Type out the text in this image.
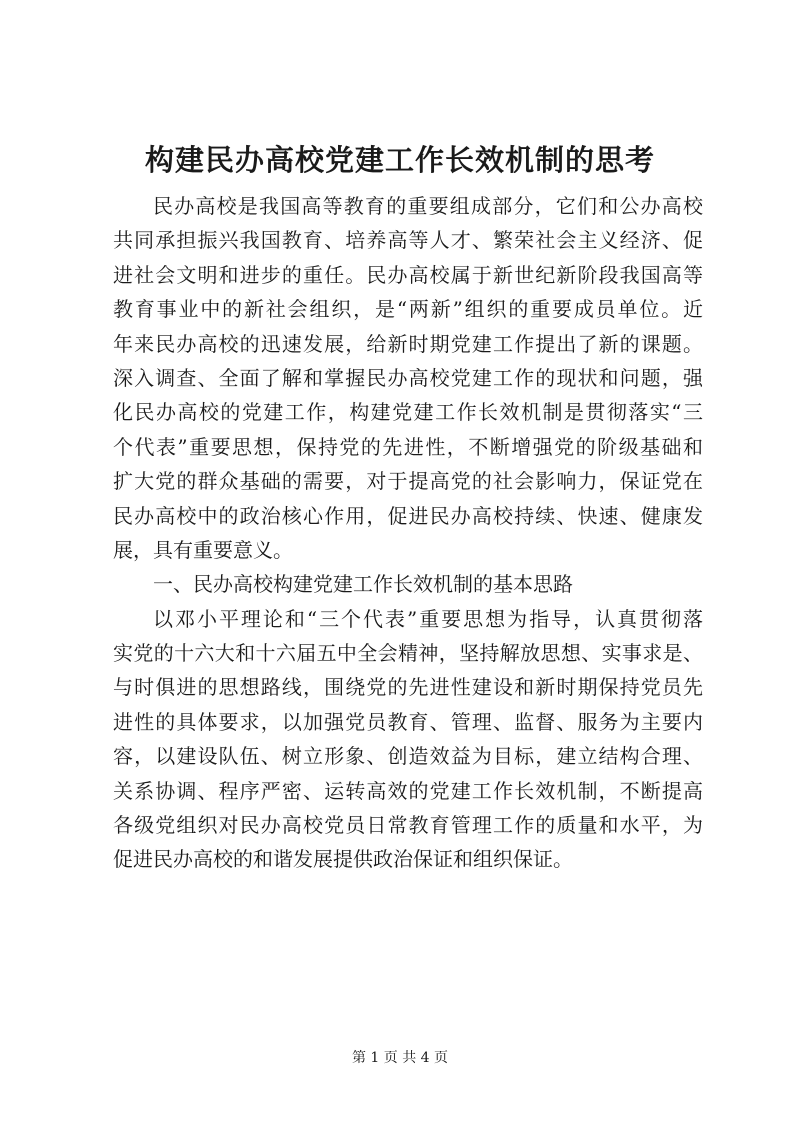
构建民办高校党建工作长效机制的思考
民办高校是我国高等教育的重要组成部分，它们和公办高校
共同承担振兴我国教育、培养高等人才、繁荣社会主义经济、促
进社会文明和进步的重任。民办高校属于新世纪新阶段我国高等
教育事业中的新社会组织，是“两新”组织的重要成员单位。近
年来民办高校的迅速发展，给新时期党建工作提出了新的课题。
深入调查、全面了解和掌握民办高校党建工作的现状和问题，强
化民办高校的党建工作，构建党建工作长效机制是贯彻落实“三
个代表”重要思想，保持党的先进性，不断增强党的阶级基础和
扩大党的群众基础的需要，对于提高党的社会影响力，保证党在
民办高校中的政治核心作用，促进民办高校持续、快速、健康发
展，具有重要意义。
一、民办高校构建党建工作长效机制的基本思路
以邓小平理论和“三个代表”重要思想为指导，认真贯彻落
实党的十六大和十六届五中全会精神，坚持解放思想、实事求是、
与时俱进的思想路线，围绕党的先进性建设和新时期保持党员先
进性的具体要求，以加强党员教育、管理、监督、服务为主要内
容，以建设队伍、树立形象、创造效益为目标，建立结构合理、
关系协调、程序严密、运转高效的党建工作长效机制，不断提高
各级党组织对民办高校党员日常教育管理工作的质量和水平，为
促进民办高校的和谐发展提供政治保证和组织保证。
第 1 页 共 4 页
